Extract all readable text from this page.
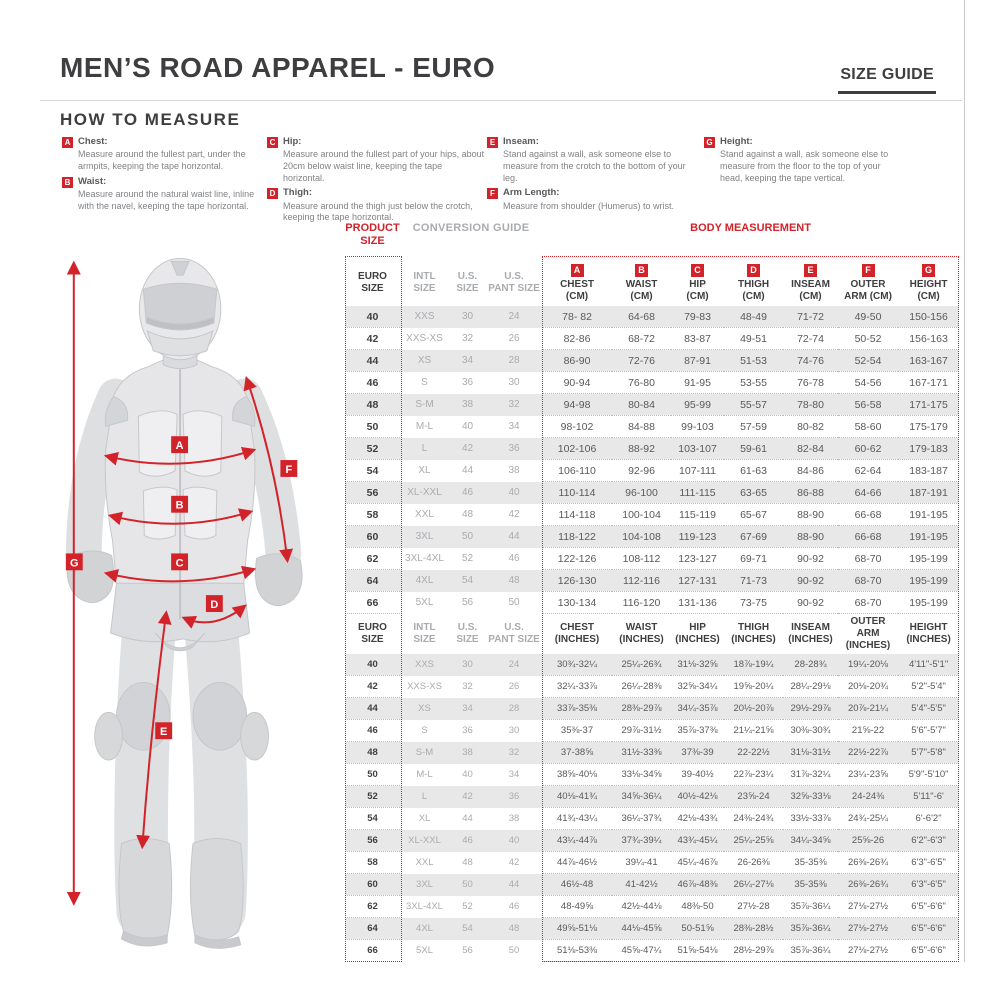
MEN’S ROAD APPAREL - EURO	SIZE GUIDE
HOW TO MEASURE
A Chest:
Measure around the fullest part, under the armpits, keeping the tape horizontal.
B Waist:
Measure around the natural waist line, inline with the navel, keeping the tape horizontal.
C Hip:
Measure around the fullest part of your hips, about 20cm below waist line, keeping the tape horizontal.
D Thigh:
Measure around the thigh just below the crotch, keeping the tape horizontal.
E Inseam:
Stand against a wall, ask someone else to measure from the crotch to the bottom of your leg.
F Arm Length:
Measure from shoulder (Humerus) to wrist.
G Height:
Stand against a wall, ask someone else to measure from the floor to the top of your head, keeping the tape vertical.
A
B
C
D
E
F
G
PRODUCT SIZE	CONVERSION GUIDE			BODY MEASUREMENT						

EURO
SIZE

INTL
SIZE

U.S.
SIZE

U.S.
PANT SIZE

A
CHEST
(CM)

B
WAIST
(CM)

C
HIP
(CM)

D
THIGH
(CM)

E
INSEAM
(CM)

F
OUTER
ARM (CM)

G
HEIGHT
(CM)

40	XXS	30	24	78- 82	64-68	79-83	48-49	71-72	49-50	150-156
42	XXS-XS	32	26	82-86	68-72	83-87	49-51	72-74	50-52	156-163
44	XS	34	28	86-90	72-76	87-91	51-53	74-76	52-54	163-167
46	S	36	30	90-94	76-80	91-95	53-55	76-78	54-56	167-171
48	S-M	38	32	94-98	80-84	95-99	55-57	78-80	56-58	171-175
50	M-L	40	34	98-102	84-88	99-103	57-59	80-82	58-60	175-179
52	L	42	36	102-106	88-92	103-107	59-61	82-84	60-62	179-183
54	XL	44	38	106-110	92-96	107-111	61-63	84-86	62-64	183-187
56	XL-XXL	46	40	110-114	96-100	111-115	63-65	86-88	64-66	187-191
58	XXL	48	42	114-118	100-104	115-119	65-67	88-90	66-68	191-195
60	3XL	50	44	118-122	104-108	119-123	67-69	88-90	66-68	191-195
62	3XL-4XL	52	46	122-126	108-112	123-127	69-71	90-92	68-70	195-199
64	4XL	54	48	126-130	112-116	127-131	71-73	90-92	68-70	195-199
66	5XL	56	50	130-134	116-120	131-136	73-75	90-92	68-70	195-199

EURO
SIZE

INTL
SIZE

U.S.
SIZE

U.S.
PANT SIZE

CHEST
(INCHES)

WAIST
(INCHES)

HIP
(INCHES)

THIGH
(INCHES)

INSEAM
(INCHES)

OUTER ARM
(INCHES)

HEIGHT
(INCHES)

40	XXS	30	24	30¾-32¼	25¼-26¾	31⅛-32⅝	18⅞-19¼	28-28¾	19¼-20⅛	4'11"-5'1"
42	XXS-XS	32	26	32¼-33⅞	26¼-28⅜	32⅝-34¼	19⅝-20¼	28¼-29⅛	20⅛-20¾	5'2"-5'4"
44	XS	34	28	33⅞-35⅜	28⅜-29⅞	34¼-35⅞	20½-20⅞	29½-29⅞	20⅞-21¼	5'4"-5'5"
46	S	36	30	35⅜-37	29⅞-31½	35⅞-37⅜	21¼-21⅝	30⅜-30¾	21⅝-22	5'6"-5'7"
48	S-M	38	32	37-38⅝	31½-33⅜	37⅜-39	22-22½	31⅛-31½	22½-22⅞	5'7"-5'8"
50	M-L	40	34	38⅝-40⅛	33⅛-34⅝	39-40½	22⅞-23¼	31⅞-32¼	23¼-23⅝	5'9"-5'10"
52	L	42	36	40⅛-41¾	34⅝-36¼	40½-42⅛	23⅝-24	32⅝-33⅛	24-24⅜	5'11"-6'
54	XL	44	38	41¾-43¼	36¼-37¾	42⅛-43¾	24⅜-24¾	33½-33⅞	24¾-25¼	6'-6'2"
56	XL-XXL	46	40	43¼-44⅞	37¾-39¼	43¾-45¼	25¼-25⅝	34¼-34⅝	25⅝-26	6'2"-6'3"
58	XXL	48	42	44⅞-46½	39¼-41	45¼-46⅞	26-26⅜	35-35⅜	26⅜-26¾	6'3"-6'5"
60	3XL	50	44	46½-48	41-42½	46⅞-48⅜	26¼-27⅛	35-35⅜	26⅜-26¾	6'3"-6'5"
62	3XL-4XL	52	46	48-49⅝	42½-44⅛	48⅜-50	27½-28	35⅞-36¼	27⅛-27½	6'5"-6'6"
64	4XL	54	48	49⅝-51⅛	44⅛-45⅝	50-51⅝	28⅜-28½	35⅞-36¼	27⅛-27½	6'5"-6'6"
66	5XL	56	50	51⅛-53⅜	45⅝-47¼	51⅝-54⅛	28½-29⅞	35⅞-36¼	27⅛-27½	6'5"-6'6"
